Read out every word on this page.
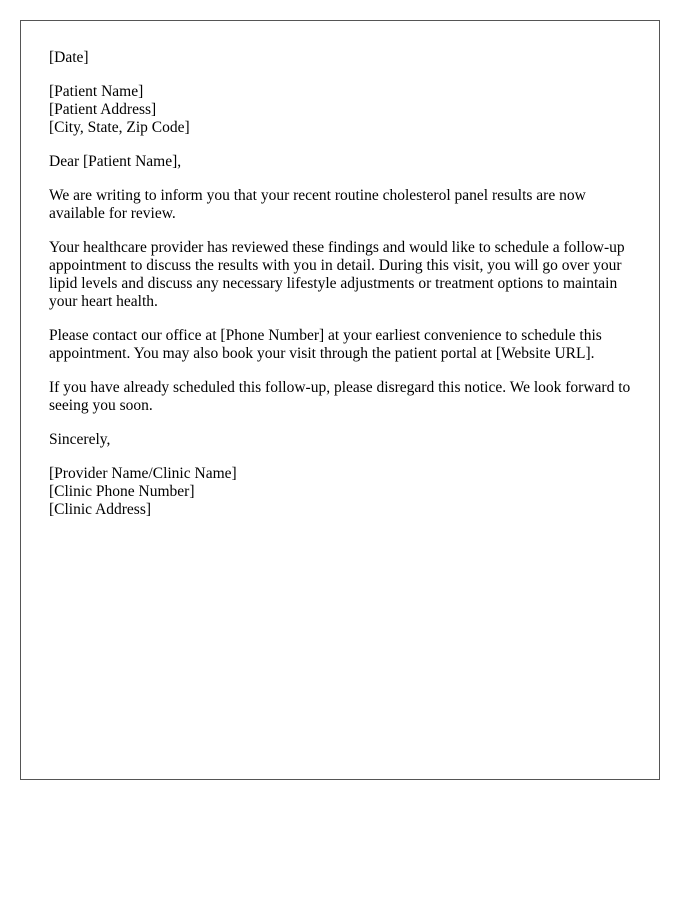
[Date]

[Patient Name]
[Patient Address]
[City, State, Zip Code]

Dear [Patient Name],

We are writing to inform you that your recent routine cholesterol panel results are now available for review.

Your healthcare provider has reviewed these findings and would like to schedule a follow-up appointment to discuss the results with you in detail. During this visit, you will go over your lipid levels and discuss any necessary lifestyle adjustments or treatment options to maintain your heart health.

Please contact our office at [Phone Number] at your earliest convenience to schedule this appointment. You may also book your visit through the patient portal at [Website URL].

If you have already scheduled this follow-up, please disregard this notice. We look forward to seeing you soon.

Sincerely,

[Provider Name/Clinic Name]
[Clinic Phone Number]
[Clinic Address]
